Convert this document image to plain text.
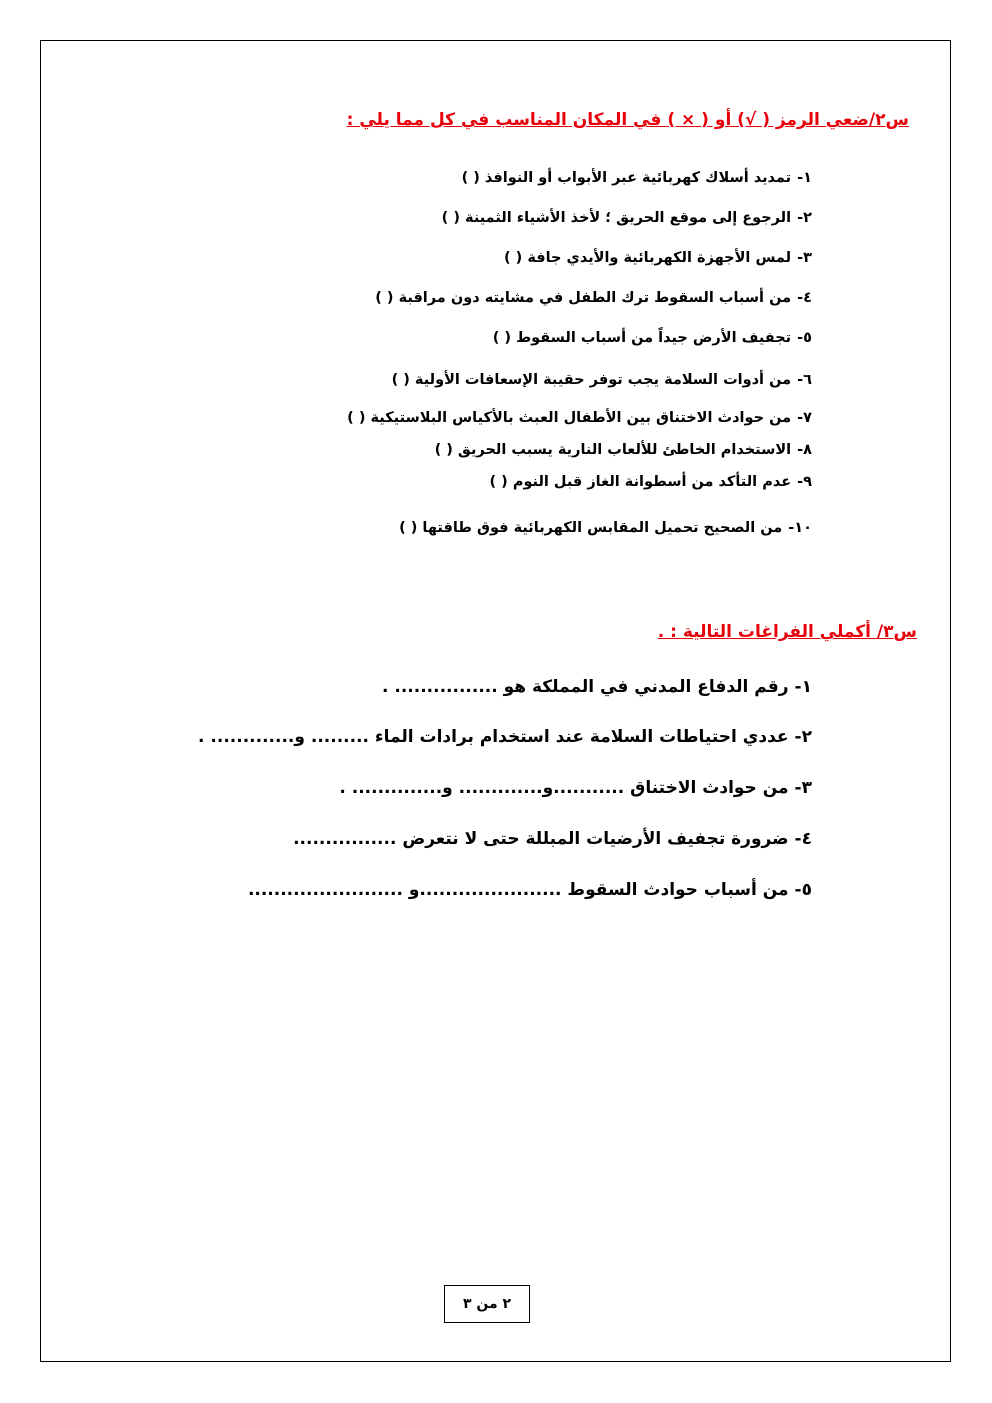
س٢/ضعي الرمز ( √) أو ( × ) في المكان المناسب في كل مما يلي :
١-تمديد أسلاك كهربائية عبر الأبواب أو النوافذ ( )
٢-الرجوع إلى موقع الحريق ؛ لأخذ الأشياء الثمينة ( )
٣-لمس الأجهزة الكهربائية والأيدي جافة ( )
٤-من أسباب السقوط ترك الطفل في مشايته دون مراقبة ( )
٥-تجفيف الأرض جيداً من أسباب السقوط ( )
٦-من أدوات السلامة يجب توفر حقيبة الإسعافات الأولية ( )
٧-من حوادث الاختناق بين الأطفال العبث بالأكياس البلاستيكية ( )
٨-الاستخدام الخاطئ للألعاب النارية يسبب الحريق ( )
٩-عدم التأكد من أسطوانة الغاز قبل النوم ( )
١٠-من الصحيح تحميل المقابس الكهربائية فوق طاقتها ( )
س٣/ أكملي الفراغات التالية : .
١-رقم الدفاع المدني في المملكة هو ................ .
٢-عددي احتياطات السلامة عند استخدام برادات الماء ......... و............. .
٣-من حوادث الاختناق ...........و............. و.............. .
٤-ضرورة تجفيف الأرضيات المبللة حتى لا نتعرض ................
٥-من أسباب حوادث السقوط ......................و ........................
٢ من ٣
